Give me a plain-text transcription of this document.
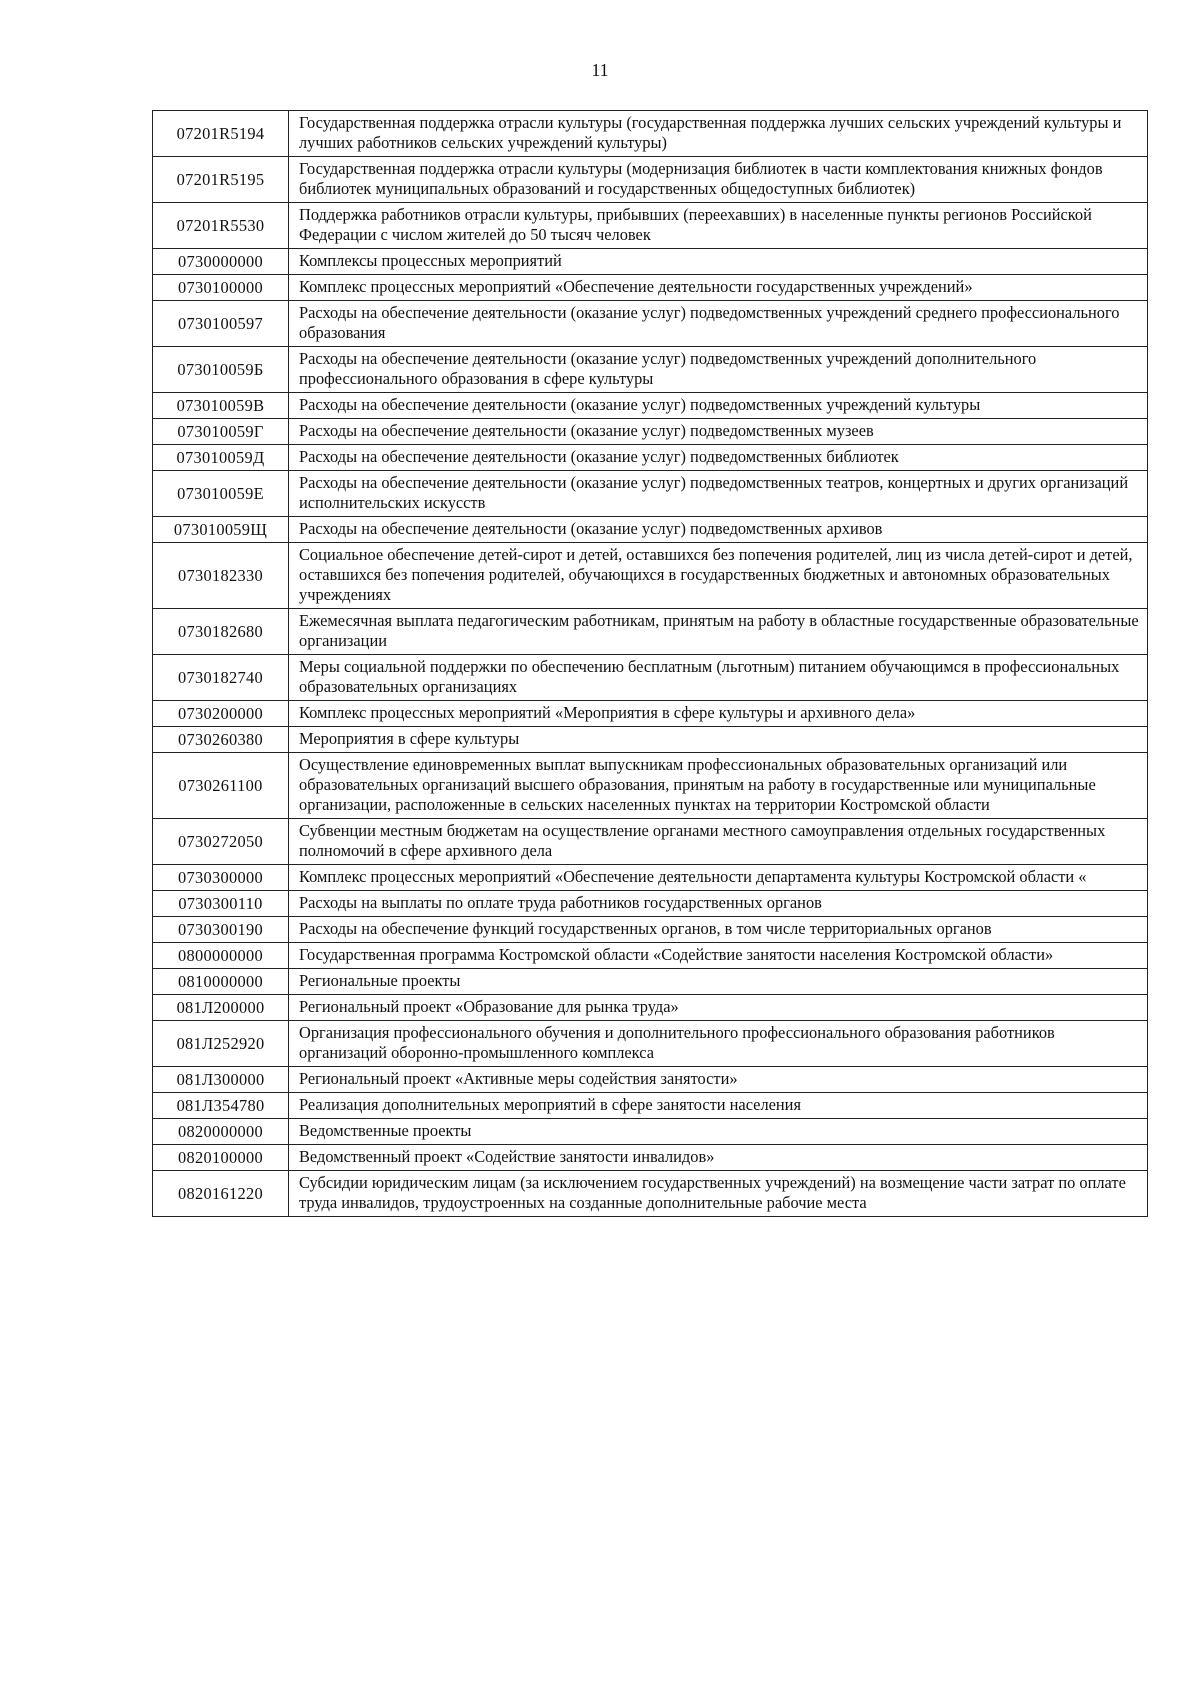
11
07201R5194	Государственная поддержка отрасли культуры (государственная поддержка лучших сельских учреждений культуры и лучших работников сельских учреждений культуры)
07201R5195	Государственная поддержка отрасли культуры (модернизация библиотек в части комплектования книжных фондов библиотек муниципальных образований и государственных общедоступных библиотек)
07201R5530	Поддержка работников отрасли культуры, прибывших (переехавших) в населенные пункты регионов Российской Федерации с числом жителей до 50 тысяч человек
0730000000	Комплексы процессных мероприятий
0730100000	Комплекс процессных мероприятий «Обеспечение деятельности государственных учреждений»
0730100597	Расходы на обеспечение деятельности (оказание услуг) подведомственных учреждений среднего профессионального образования
073010059Б	Расходы на обеспечение деятельности (оказание услуг) подведомственных учреждений дополнительного профессионального образования в сфере культуры
073010059В	Расходы на обеспечение деятельности (оказание услуг) подведомственных учреждений культуры
073010059Г	Расходы на обеспечение деятельности (оказание услуг) подведомственных музеев
073010059Д	Расходы на обеспечение деятельности (оказание услуг) подведомственных библиотек
073010059Е	Расходы на обеспечение деятельности (оказание услуг) подведомственных театров, концертных и других организаций исполнительских искусств
073010059Щ	Расходы на обеспечение деятельности (оказание услуг) подведомственных архивов
0730182330	Социальное обеспечение детей-сирот и детей, оставшихся без попечения родителей, лиц из числа детей-сирот и детей, оставшихся без попечения родителей, обучающихся в государственных бюджетных и автономных образовательных учреждениях
0730182680	Ежемесячная выплата педагогическим работникам, принятым на работу в областные государственные образовательные организации
0730182740	Меры социальной поддержки по обеспечению бесплатным (льготным) питанием обучающимся в профессиональных образовательных организациях
0730200000	Комплекс процессных мероприятий «Мероприятия в сфере культуры и архивного дела»
0730260380	Мероприятия в сфере культуры
0730261100	Осуществление единовременных выплат выпускникам профессиональных образовательных организаций или образовательных организаций высшего образования, принятым на работу в государственные или муниципальные организации, расположенные в сельских населенных пунктах на территории Костромской области
0730272050	Субвенции местным бюджетам на осуществление органами местного самоуправления отдельных государственных полномочий в сфере архивного дела
0730300000	Комплекс процессных мероприятий «Обеспечение деятельности департамента культуры Костромской области «
0730300110	Расходы на выплаты по оплате труда работников государственных органов
0730300190	Расходы на обеспечение функций государственных органов, в том числе территориальных органов
0800000000	Государственная программа Костромской области «Содействие занятости населения Костромской области»
0810000000	Региональные проекты
081Л200000	Региональный проект «Образование для рынка труда»
081Л252920	Организация профессионального обучения и дополнительного профессионального образования работников организаций оборонно-промышленного комплекса
081Л300000	Региональный проект «Активные меры содействия занятости»
081Л354780	Реализация дополнительных мероприятий в сфере занятости населения
0820000000	Ведомственные проекты
0820100000	Ведомственный проект «Содействие занятости инвалидов»
0820161220	Субсидии юридическим лицам (за исключением государственных учреждений) на возмещение части затрат по оплате труда инвалидов, трудоустроенных на созданные дополнительные рабочие места
